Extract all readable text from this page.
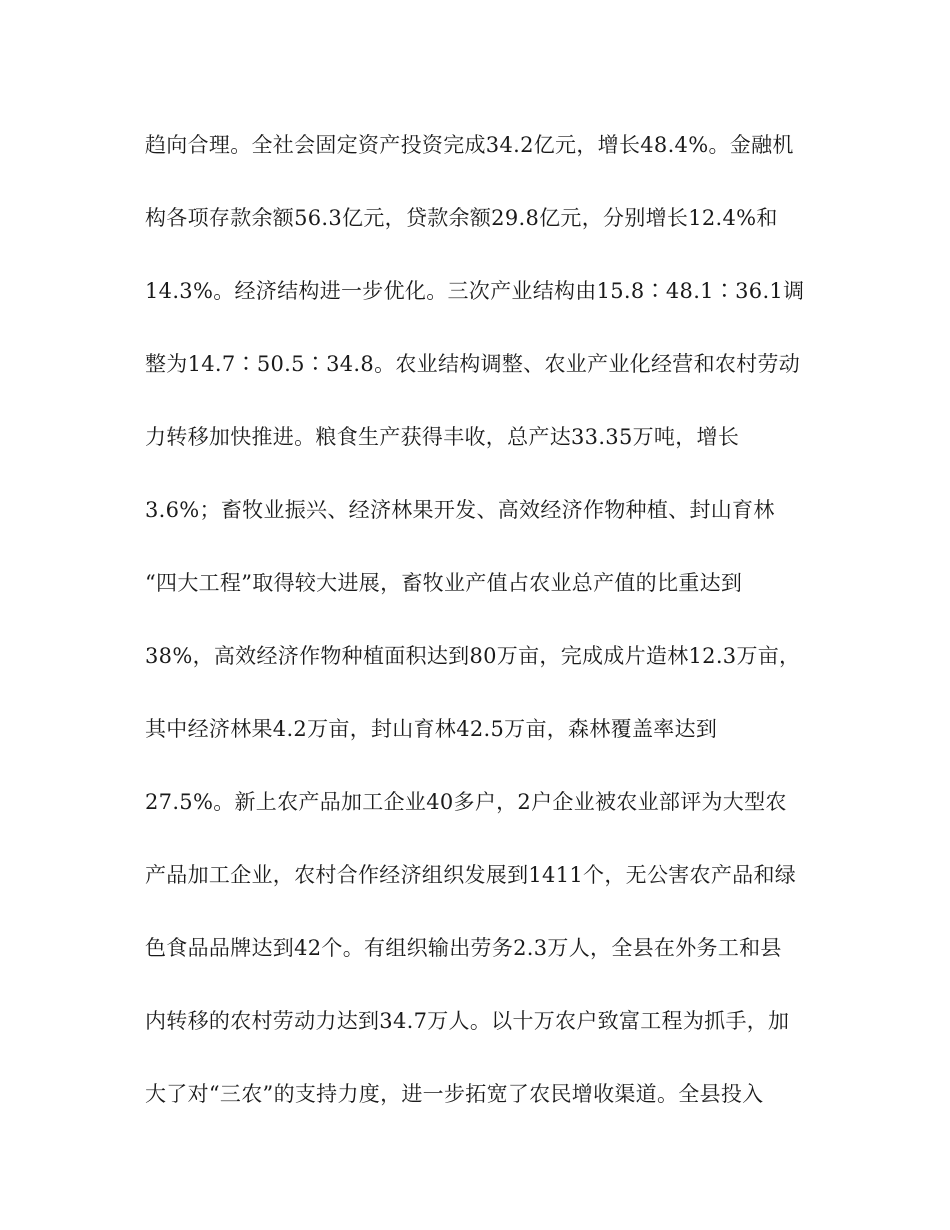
趋向合理。全社会固定资产投资完成34.2亿元，增长48.4%。金融机
构各项存款余额56.3亿元，贷款余额29.8亿元，分别增长12.4%和
14.3%。经济结构进一步优化。三次产业结构由15.8∶48.1∶36.1调
整为14.7∶50.5∶34.8。农业结构调整、农业产业化经营和农村劳动
力转移加快推进。粮食生产获得丰收，总产达33.35万吨，增长
3.6%；畜牧业振兴、经济林果开发、高效经济作物种植、封山育林
“四大工程”取得较大进展，畜牧业产值占农业总产值的比重达到
38%，高效经济作物种植面积达到80万亩，完成成片造林12.3万亩，
其中经济林果4.2万亩，封山育林42.5万亩，森林覆盖率达到
27.5%。新上农产品加工企业40多户，2户企业被农业部评为大型农
产品加工企业，农村合作经济组织发展到1411个，无公害农产品和绿
色食品品牌达到42个。有组织输出劳务2.3万人，全县在外务工和县
内转移的农村劳动力达到34.7万人。以十万农户致富工程为抓手，加
大了对“三农”的支持力度，进一步拓宽了农民增收渠道。全县投入
